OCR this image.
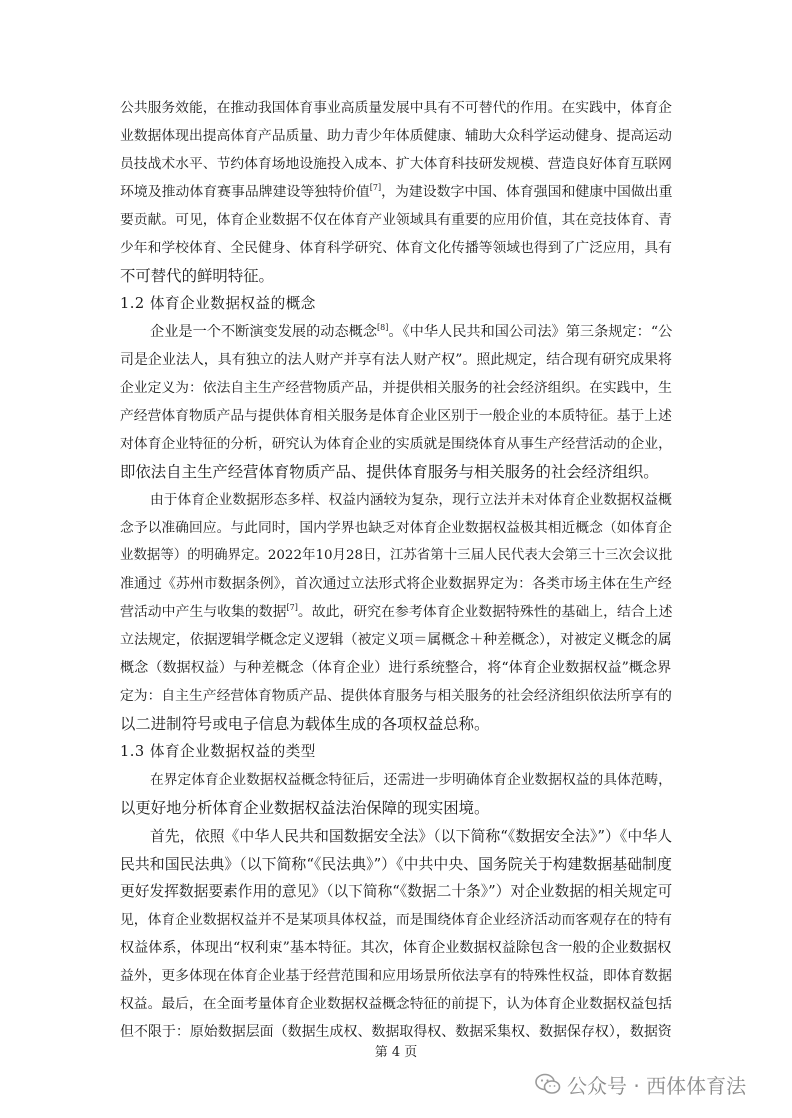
公共服务效能，在推动我国体育事业高质量发展中具有不可替代的作用。在实践中，体育企
业数据体现出提高体育产品质量、助力青少年体质健康、辅助大众科学运动健身、提高运动
员技战术水平、节约体育场地设施投入成本、扩大体育科技研发规模、营造良好体育互联网
环境及推动体育赛事品牌建设等独特价值[7]，为建设数字中国、体育强国和健康中国做出重
要贡献。可见，体育企业数据不仅在体育产业领域具有重要的应用价值，其在竞技体育、青
少年和学校体育、全民健身、体育科学研究、体育文化传播等领域也得到了广泛应用，具有
不可替代的鲜明特征。
1.2 体育企业数据权益的概念
企业是一个不断演变发展的动态概念[8]。《中华人民共和国公司法》第三条规定：“公
司是企业法人，具有独立的法人财产并享有法人财产权”。照此规定，结合现有研究成果将
企业定义为：依法自主生产经营物质产品，并提供相关服务的社会经济组织。在实践中，生
产经营体育物质产品与提供体育相关服务是体育企业区别于一般企业的本质特征。基于上述
对体育企业特征的分析，研究认为体育企业的实质就是围绕体育从事生产经营活动的企业，
即依法自主生产经营体育物质产品、提供体育服务与相关服务的社会经济组织。
由于体育企业数据形态多样、权益内涵较为复杂，现行立法并未对体育企业数据权益概
念予以准确回应。与此同时，国内学界也缺乏对体育企业数据权益极其相近概念（如体育企
业数据等）的明确界定。2022年10月28日，江苏省第十三届人民代表大会第三十三次会议批
准通过《苏州市数据条例》，首次通过立法形式将企业数据界定为：各类市场主体在生产经
营活动中产生与收集的数据[7]。故此，研究在参考体育企业数据特殊性的基础上，结合上述
立法规定，依据逻辑学概念定义逻辑（被定义项＝属概念＋种差概念），对被定义概念的属
概念（数据权益）与种差概念（体育企业）进行系统整合，将“体育企业数据权益”概念界
定为：自主生产经营体育物质产品、提供体育服务与相关服务的社会经济组织依法所享有的
以二进制符号或电子信息为载体生成的各项权益总称。
1.3 体育企业数据权益的类型
在界定体育企业数据权益概念特征后，还需进一步明确体育企业数据权益的具体范畴，
以更好地分析体育企业数据权益法治保障的现实困境。
首先，依照《中华人民共和国数据安全法》（以下简称“《数据安全法》”）《中华人
民共和国民法典》（以下简称“《民法典》”）《中共中央、国务院关于构建数据基础制度
更好发挥数据要素作用的意见》（以下简称“《数据二十条》”）对企业数据的相关规定可
见，体育企业数据权益并不是某项具体权益，而是围绕体育企业经济活动而客观存在的特有
权益体系，体现出“权利束”基本特征。其次，体育企业数据权益除包含一般的企业数据权
益外，更多体现在体育企业基于经营范围和应用场景所依法享有的特殊性权益，即体育数据
权益。最后，在全面考量体育企业数据权益概念特征的前提下，认为体育企业数据权益包括
但不限于：原始数据层面（数据生成权、数据取得权、数据采集权、数据保存权），数据资
第 4 页
公众号 · 西体体育法
